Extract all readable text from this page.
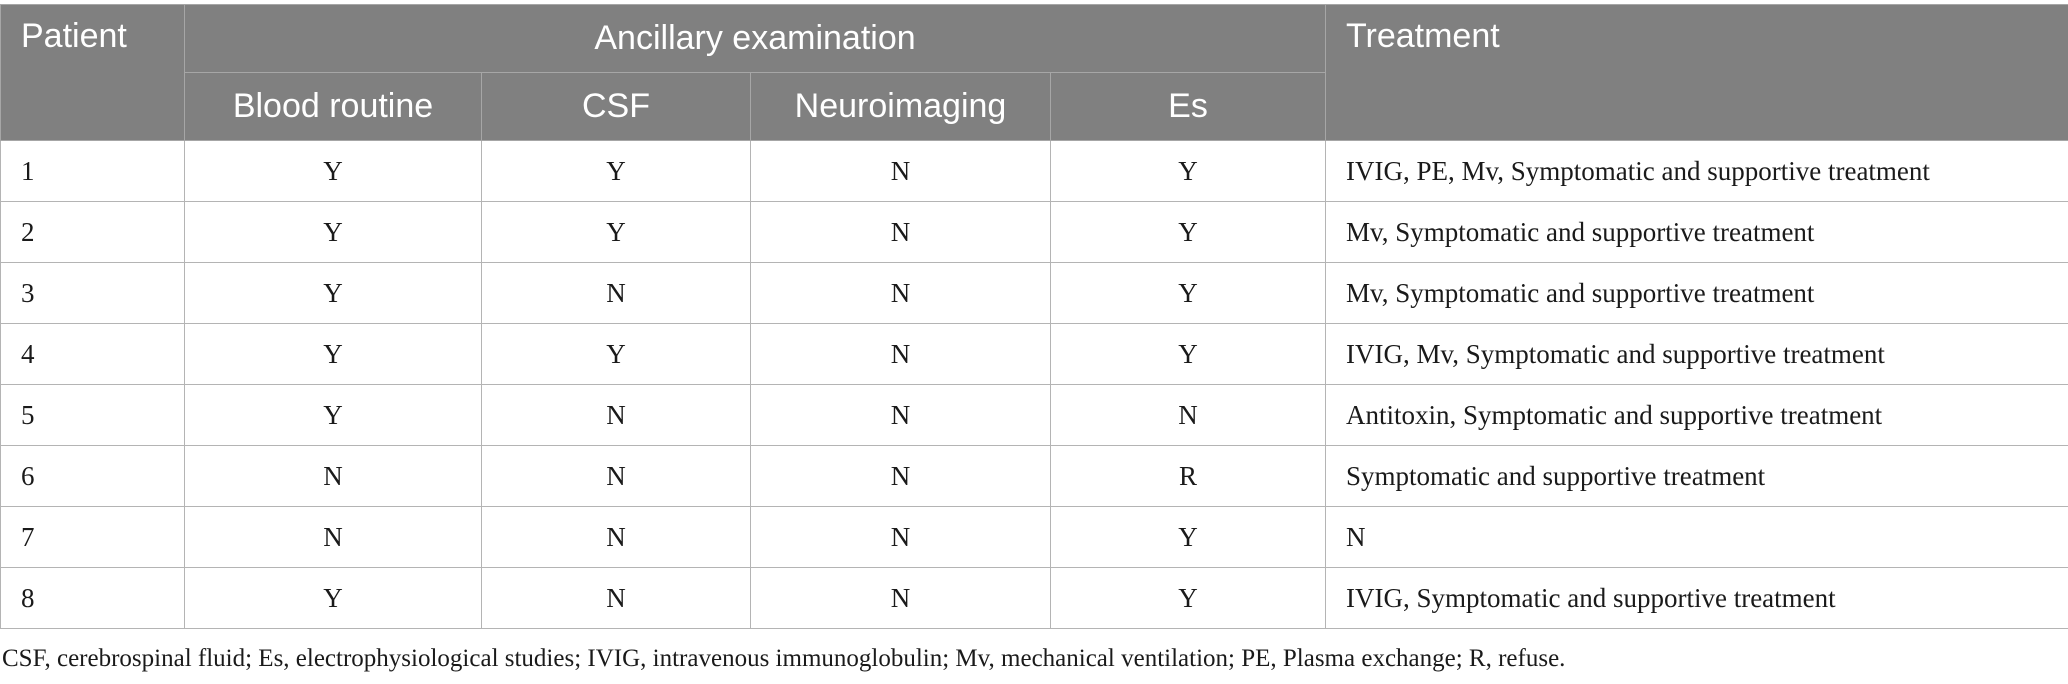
Patient	Ancillary examination				Treatment
	Blood routine	CSF	Neuroimaging	Es	
1	Y	Y	N	Y	IVIG, PE, Mv, Symptomatic and supportive treatment
2	Y	Y	N	Y	Mv, Symptomatic and supportive treatment
3	Y	N	N	Y	Mv, Symptomatic and supportive treatment
4	Y	Y	N	Y	IVIG, Mv, Symptomatic and supportive treatment
5	Y	N	N	N	Antitoxin, Symptomatic and supportive treatment
6	N	N	N	R	Symptomatic and supportive treatment
7	N	N	N	Y	N
8	Y	N	N	Y	IVIG, Symptomatic and supportive treatment
CSF, cerebrospinal fluid; Es, electrophysiological studies; IVIG, intravenous immunoglobulin; Mv, mechanical ventilation; PE, Plasma exchange; R, refuse.
